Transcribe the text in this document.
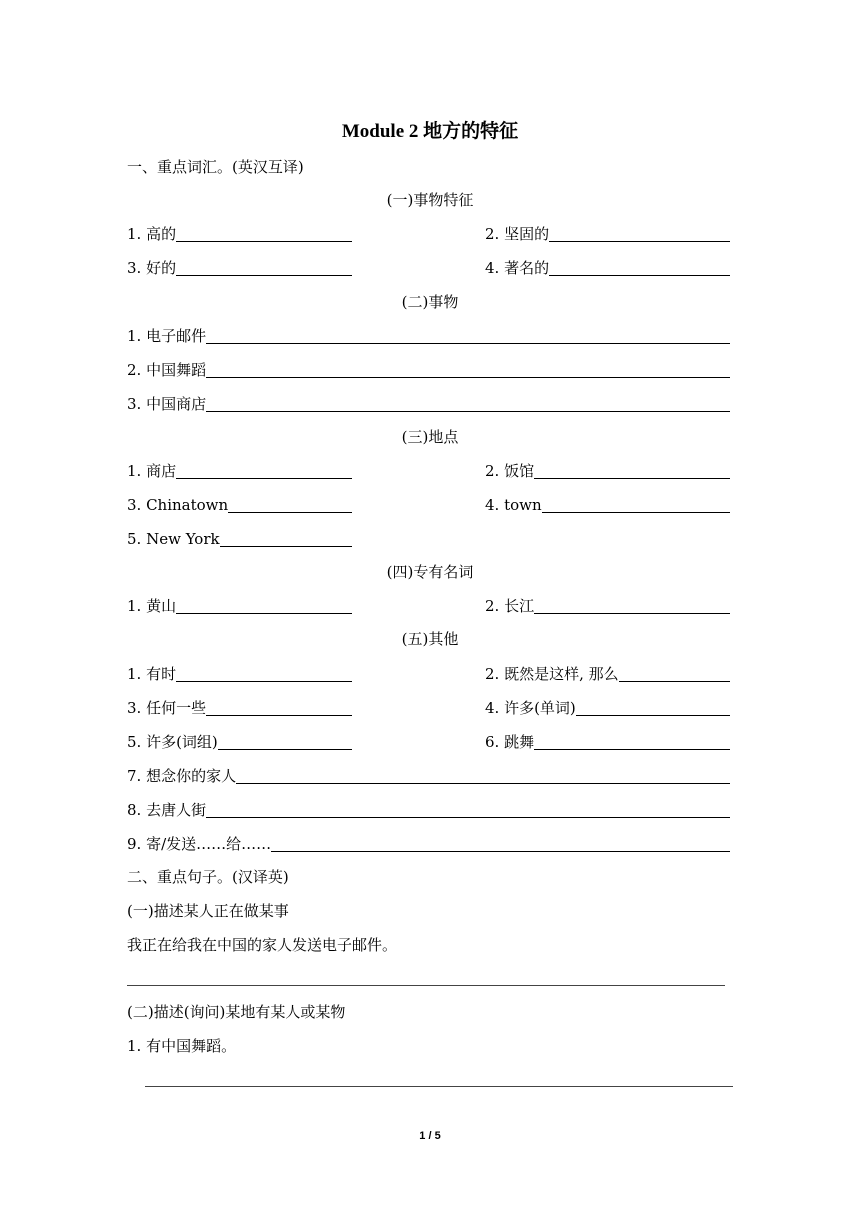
Module 2 地方的特征
一、重点词汇。(英汉互译)
(一)事物特征
1. 高的	2. 坚固的
3. 好的	4. 著名的
(二)事物
1. 电子邮件
2. 中国舞蹈
3. 中国商店
(三)地点
1. 商店	2. 饭馆
3. Chinatown	4. town
5. New York
(四)专有名词
1. 黄山	2. 长江
(五)其他
1. 有时	2. 既然是这样, 那么
3. 任何一些	4. 许多(单词)
5. 许多(词组)	6. 跳舞
7. 想念你的家人
8. 去唐人街
9. 寄/发送……给……
二、重点句子。(汉译英)
(一)描述某人正在做某事
我正在给我在中国的家人发送电子邮件。
(二)描述(询问)某地有某人或某物
1. 有中国舞蹈。
1 / 5
